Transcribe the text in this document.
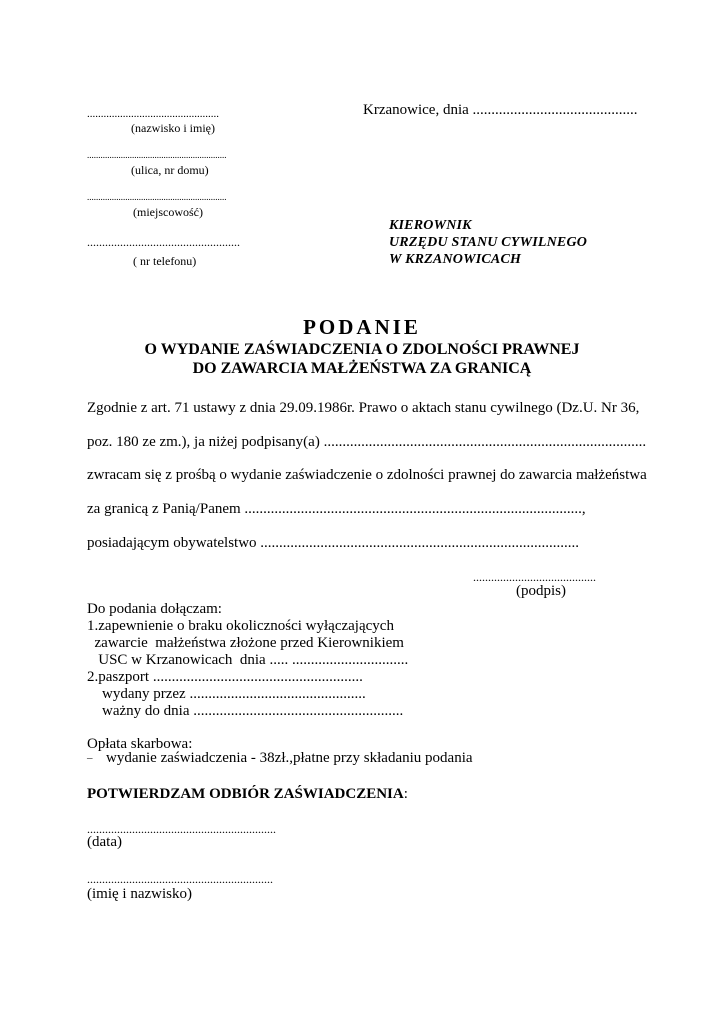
................................................
(nazwisko i imię)
..............................................................
(ulica, nr domu)
..............................................................
(miejscowość)
...................................................
( nr telefonu)
Krzanowice, dnia ............................................
KIEROWNIK
URZĘDU STANU CYWILNEGO
W KRZANOWICACH
PODANIE
O WYDANIE ZAŚWIADCZENIA O ZDOLNOŚCI PRAWNEJ
DO ZAWARCIA MAŁŻEŃSTWA ZA GRANICĄ
Zgodnie z art. 71 ustawy z dnia 29.09.1986r. Prawo o aktach stanu cywilnego (Dz.U. Nr 36,
poz. 180 ze zm.), ja niżej podpisany(a) ......................................................................................
zwracam się z prośbą o wydanie zaświadczenie o zdolności prawnej do zawarcia małżeństwa
za granicą z Panią/Panem ..........................................................................................,
posiadającym obywatelstwo .....................................................................................
.........................................
(podpis)
Do podania dołączam:
1.zapewnienie o braku okoliczności wyłączających
zawarcie  małżeństwa złożone przed Kierownikiem
USC w Krzanowicach  dnia ..... ...............................
2.paszport ........................................................
wydany przez ...............................................
ważny do dnia ........................................................
Opłata skarbowa:
– wydanie zaświadczenia - 38zł.,płatne przy składaniu podania
POTWIERDZAM ODBIÓR ZAŚWIADCZENIA:
...............................................................
(data)
..............................................................
(imię i nazwisko)
